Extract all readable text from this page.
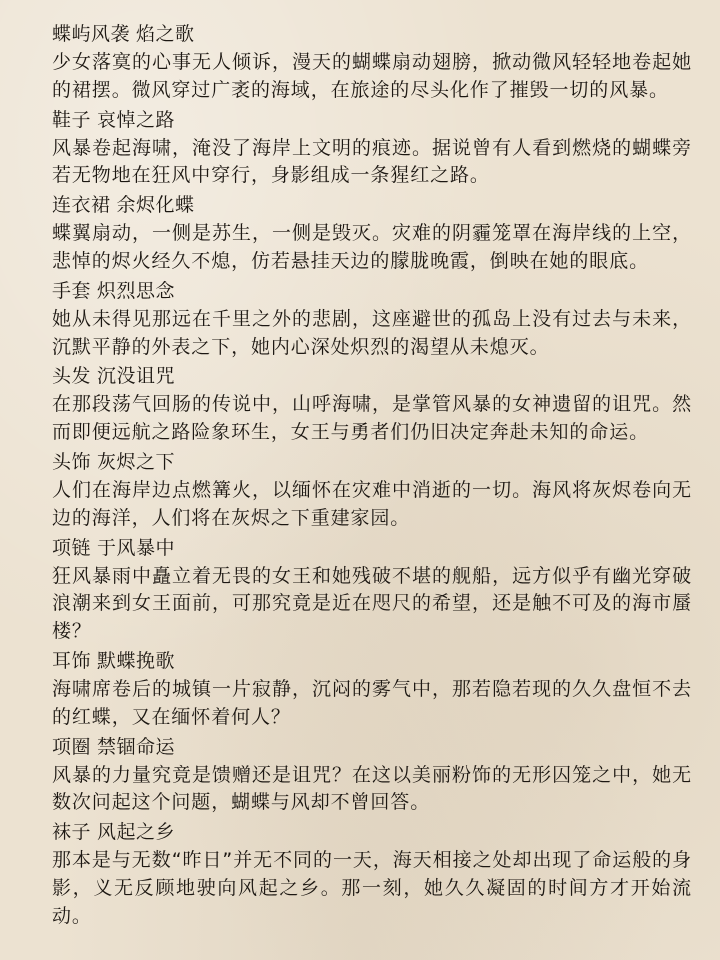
蝶屿风袭 焰之歌

少女落寞的心事无人倾诉，漫天的蝴蝶扇动翅膀，掀动微风轻轻地卷起她的裙摆。微风穿过广袤的海域，在旅途的尽头化作了摧毁一切的风暴。

鞋子 哀悼之路

风暴卷起海啸，淹没了海岸上文明的痕迹。据说曾有人看到燃烧的蝴蝶旁若无物地在狂风中穿行，身影组成一条猩红之路。

连衣裙 余烬化蝶

蝶翼扇动，一侧是苏生，一侧是毁灭。灾难的阴霾笼罩在海岸线的上空，悲悼的烬火经久不熄，仿若悬挂天边的朦胧晚霞，倒映在她的眼底。

手套 炽烈思念

她从未得见那远在千里之外的悲剧，这座避世的孤岛上没有过去与未来，沉默平静的外表之下，她内心深处炽烈的渴望从未熄灭。

头发 沉没诅咒

在那段荡气回肠的传说中，山呼海啸，是掌管风暴的女神遗留的诅咒。然而即便远航之路险象环生，女王与勇者们仍旧决定奔赴未知的命运。

头饰 灰烬之下

人们在海岸边点燃篝火，以缅怀在灾难中消逝的一切。海风将灰烬卷向无边的海洋，人们将在灰烬之下重建家园。

项链 于风暴中

狂风暴雨中矗立着无畏的女王和她残破不堪的舰船，远方似乎有幽光穿破浪潮来到女王面前，可那究竟是近在咫尺的希望，还是触不可及的海市蜃楼？

耳饰 默蝶挽歌

海啸席卷后的城镇一片寂静，沉闷的雾气中，那若隐若现的久久盘恒不去的红蝶，又在缅怀着何人？

项圈 禁锢命运

风暴的力量究竟是馈赠还是诅咒？在这以美丽粉饰的无形囚笼之中，她无数次问起这个问题，蝴蝶与风却不曾回答。

袜子 风起之乡

那本是与无数“昨日”并无不同的一天，海天相接之处却出现了命运般的身影，义无反顾地驶向风起之乡。那一刻，她久久凝固的时间方才开始流动。
